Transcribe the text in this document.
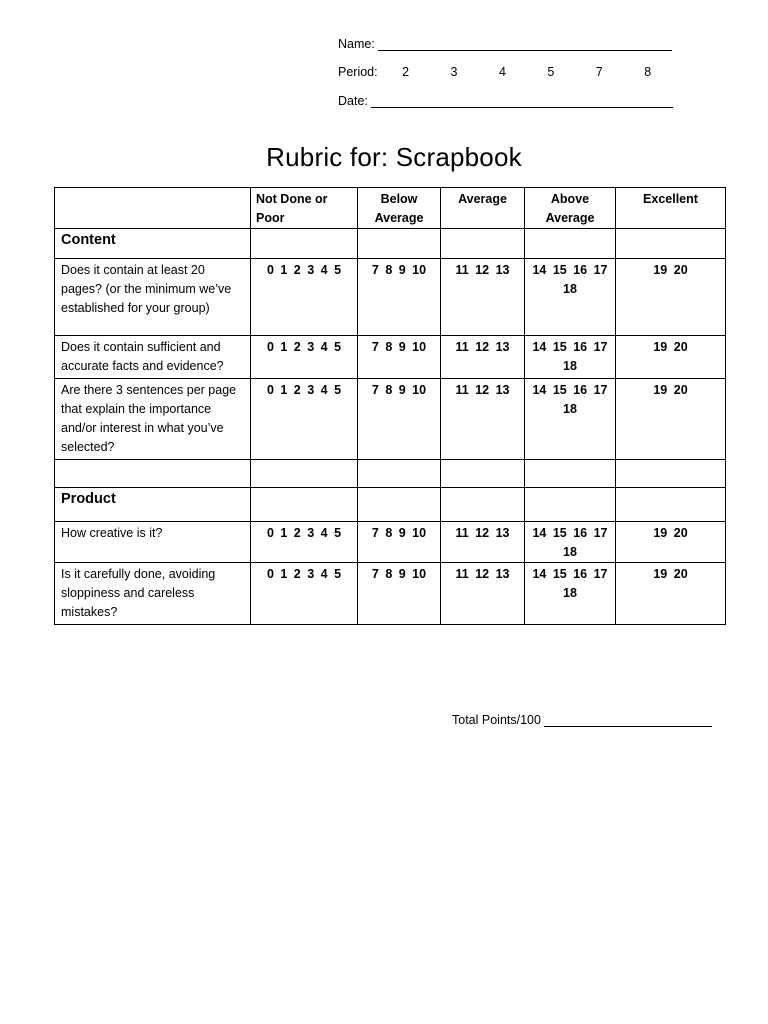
Name:
Period: 2	3	4	5	7	8
Date:
Rubric for: Scrapbook
	Not Done or Poor	Below Average	Average	Above Average	Excellent
Content					
Does it contain at least 20 pages? (or the minimum we’ve established for your group)	0 1 2 3 4 5	7 8 9 10	11 12 13	14 15 16 17 18	19 20
Does it contain sufficient and accurate facts and evidence?	0 1 2 3 4 5	7 8 9 10	11 12 13	14 15 16 17 18	19 20
Are there 3 sentences per page that explain the importance and/or interest in what you’ve selected?	0 1 2 3 4 5	7 8 9 10	11 12 13	14 15 16 17 18	19 20

Product					
How creative is it?	0 1 2 3 4 5	7 8 9 10	11 12 13	14 15 16 17 18	19 20
Is it carefully done, avoiding sloppiness and careless mistakes?	0 1 2 3 4 5	7 8 9 10	11 12 13	14 15 16 17 18	19 20
Total Points/100
